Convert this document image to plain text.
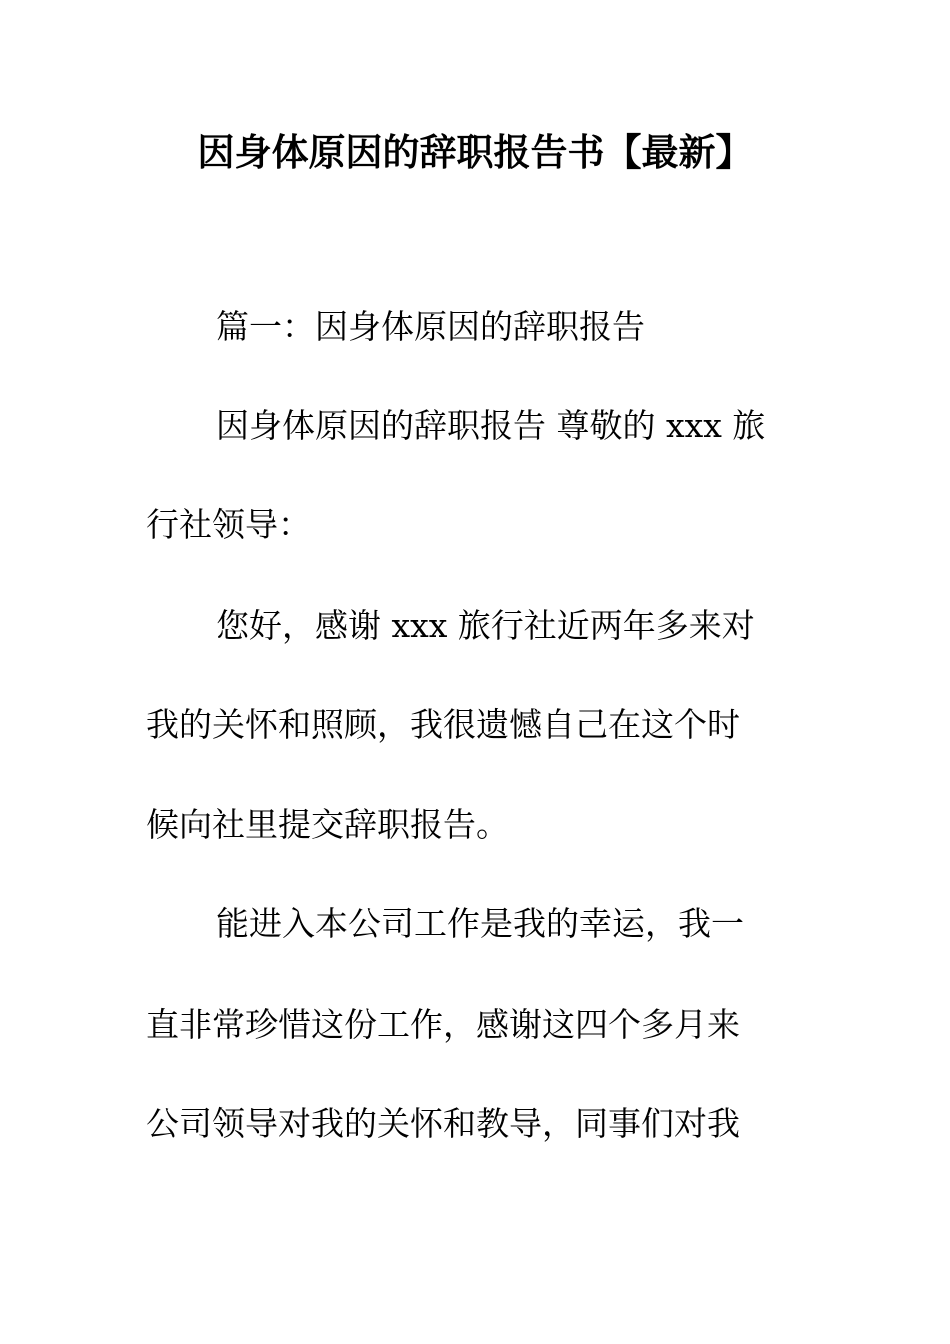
因身体原因的辞职报告书【最新】
篇一：因身体原因的辞职报告
因身体原因的辞职报告 尊敬的 xxx 旅
行社领导：
您好，感谢 xxx 旅行社近两年多来对
我的关怀和照顾，我很遗憾自己在这个时
候向社里提交辞职报告。
能进入本公司工作是我的幸运，我一
直非常珍惜这份工作，感谢这四个多月来
公司领导对我的关怀和教导，同事们对我
